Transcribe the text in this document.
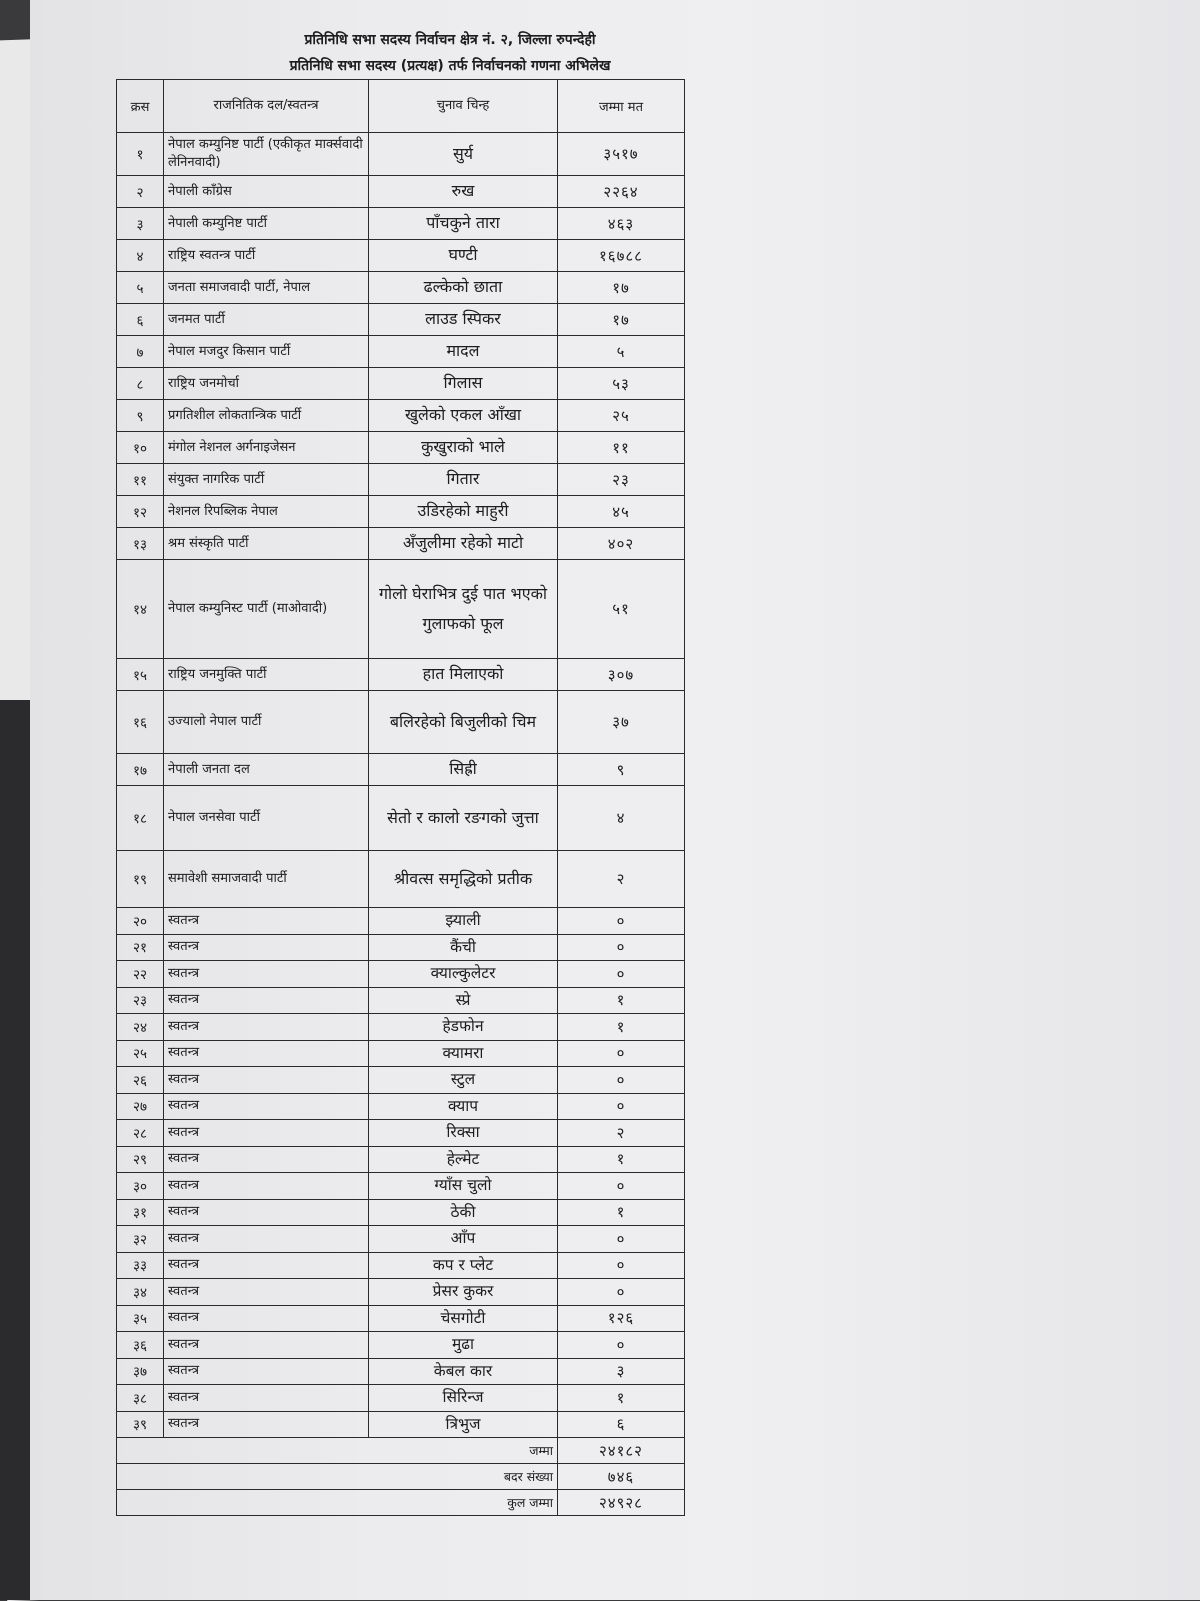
प्रतिनिधि सभा सदस्य निर्वाचन क्षेत्र नं. २, जिल्ला रुपन्देही
प्रतिनिधि सभा सदस्य (प्रत्यक्ष) तर्फ निर्वाचनको गणना अभिलेख
क्रस	राजनितिक दल/स्वतन्त्र	चुनाव चिन्ह	जम्मा मत
१	नेपाल कम्युनिष्ट पार्टी (एकीकृत मार्क्सवादी लेनिनवादी)	सुर्य	३५१७
२	नेपाली काँग्रेस	रुख	२२६४
३	नेपाली कम्युनिष्ट पार्टी	पाँचकुने तारा	४६३
४	राष्ट्रिय स्वतन्त्र पार्टी	घण्टी	१६७८८
५	जनता समाजवादी पार्टी, नेपाल	ढल्केको छाता	१७
६	जनमत पार्टी	लाउड स्पिकर	१७
७	नेपाल मजदुर किसान पार्टी	मादल	५
८	राष्ट्रिय जनमोर्चा	गिलास	५३
९	प्रगतिशील लोकतान्त्रिक पार्टी	खुलेको एकल आँखा	२५
१०	मंगोल नेशनल अर्गनाइजेसन	कुखुराको भाले	११
११	संयुक्त नागरिक पार्टी	गितार	२३
१२	नेशनल रिपब्लिक नेपाल	उडिरहेको माहुरी	४५
१३	श्रम संस्कृति पार्टी	अँजुलीमा रहेको माटो	४०२
१४	नेपाल कम्युनिस्ट पार्टी (माओवादी)	गोलो घेराभित्र दुई पात भएको गुलाफको फूल	५१
१५	राष्ट्रिय जनमुक्ति पार्टी	हात मिलाएको	३०७
१६	उज्यालो नेपाल पार्टी	बलिरहेको बिजुलीको चिम	३७
१७	नेपाली जनता दल	सिह्री	९
१८	नेपाल जनसेवा पार्टी	सेतो र कालो रङगको जुत्ता	४
१९	समावेशी समाजवादी पार्टी	श्रीवत्स समृद्धिको प्रतीक	२
२०	स्वतन्त्र	झ्याली	०
२१	स्वतन्त्र	कैंची	०
२२	स्वतन्त्र	क्याल्कुलेटर	०
२३	स्वतन्त्र	स्प्रे	१
२४	स्वतन्त्र	हेडफोन	१
२५	स्वतन्त्र	क्यामरा	०
२६	स्वतन्त्र	स्टुल	०
२७	स्वतन्त्र	क्याप	०
२८	स्वतन्त्र	रिक्सा	२
२९	स्वतन्त्र	हेल्मेट	१
३०	स्वतन्त्र	ग्याँस चुलो	०
३१	स्वतन्त्र	ठेकी	१
३२	स्वतन्त्र	आँप	०
३३	स्वतन्त्र	कप र प्लेट	०
३४	स्वतन्त्र	प्रेसर कुकर	०
३५	स्वतन्त्र	चेसगोटी	१२६
३६	स्वतन्त्र	मुढा	०
३७	स्वतन्त्र	केबल कार	३
३८	स्वतन्त्र	सिरिन्ज	१
३९	स्वतन्त्र	त्रिभुज	६
जम्मा			२४१८२
बदर संख्या			७४६
कुल जम्मा			२४९२८
